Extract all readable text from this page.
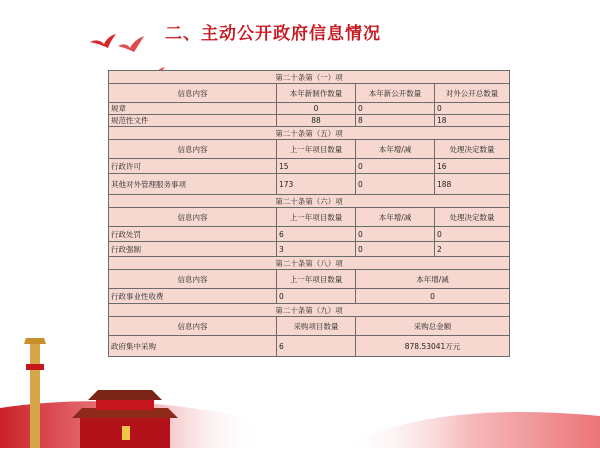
二、主动公开政府信息情况
第二十条第（一）项			
信息内容	本年新制作数量	本年新公开数量	对外公开总数量
规章	0	0	0
规范性文件	88	8	18
第二十条第（五）项			
信息内容	上一年项目数量	本年增/减	处理决定数量
行政许可	15	0	16
其他对外管理服务事项	173	0	188
第二十条第（六）项			
信息内容	上一年项目数量	本年增/减	处理决定数量
行政处罚	6	0	0
行政强制	3	0	2
第二十条第（八）项			
信息内容	上一年项目数量	本年增/减	
行政事业性收费	0	0	
第二十条第（九）项			
信息内容	采购项目数量	采购总金额	
政府集中采购	6	878.53041万元	
